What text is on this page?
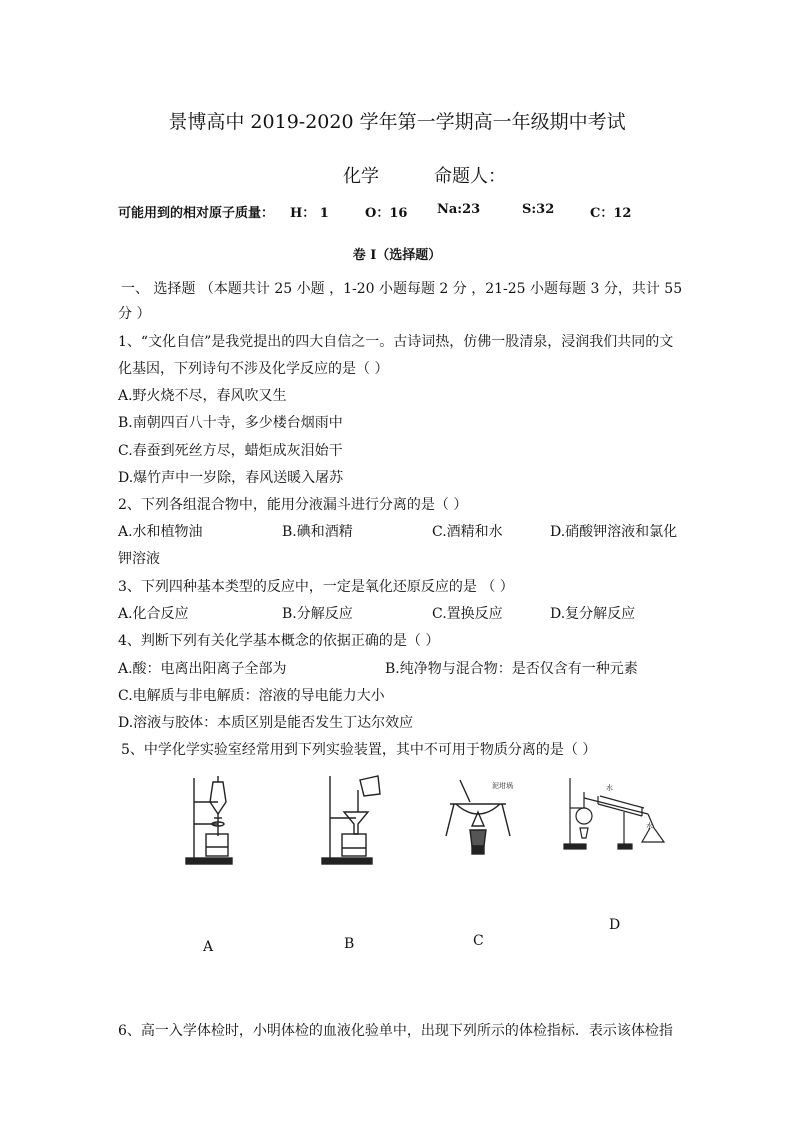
景博高中 2019-2020 学年第一学期高一年级期中考试
化学	命题人：
可能用到的相对原子质量： H： 1	O：16 Na:23	S:32	C：12
卷 I（选择题）
一、 选择题 （本题共计 25 小题 ，1-20 小题每题 2 分 ，21-25 小题每题 3 分，共计 55
分 ）
1、“文化自信”是我党提出的四大自信之一。古诗词热，仿佛一股清泉，浸润我们共同的文
化基因，下列诗句不涉及化学反应的是（ ）
A.野火烧不尽，春风吹又生
B.南朝四百八十寺，多少楼台烟雨中
C.春蚕到死丝方尽，蜡炬成灰泪始干
D.爆竹声中一岁除，春风送暖入屠苏
2、下列各组混合物中，能用分液漏斗进行分离的是（ ）
A.水和植物油	B.碘和酒精	C.酒精和水	D.硝酸钾溶液和氯化
钾溶液
3、下列四种基本类型的反应中，一定是氧化还原反应的是 （ ）
A.化合反应	B.分解反应	C.置换反应	D.复分解反应
4、判断下列有关化学基本概念的依据正确的是（ ）
A.酸：电离出阳离子全部为	B.纯净物与混合物：是否仅含有一种元素
C.电解质与非电解质：溶液的导电能力大小
D.溶液与胶体：本质区别是能否发生丁达尔效应
5、中学化学实验室经常用到下列实验装置，其中不可用于物质分离的是（ ）
泥坩埚	水
水
A	B	C
D
6、高一入学体检时，小明体检的血液化验单中，出现下列所示的体检指标．表示该体检指
